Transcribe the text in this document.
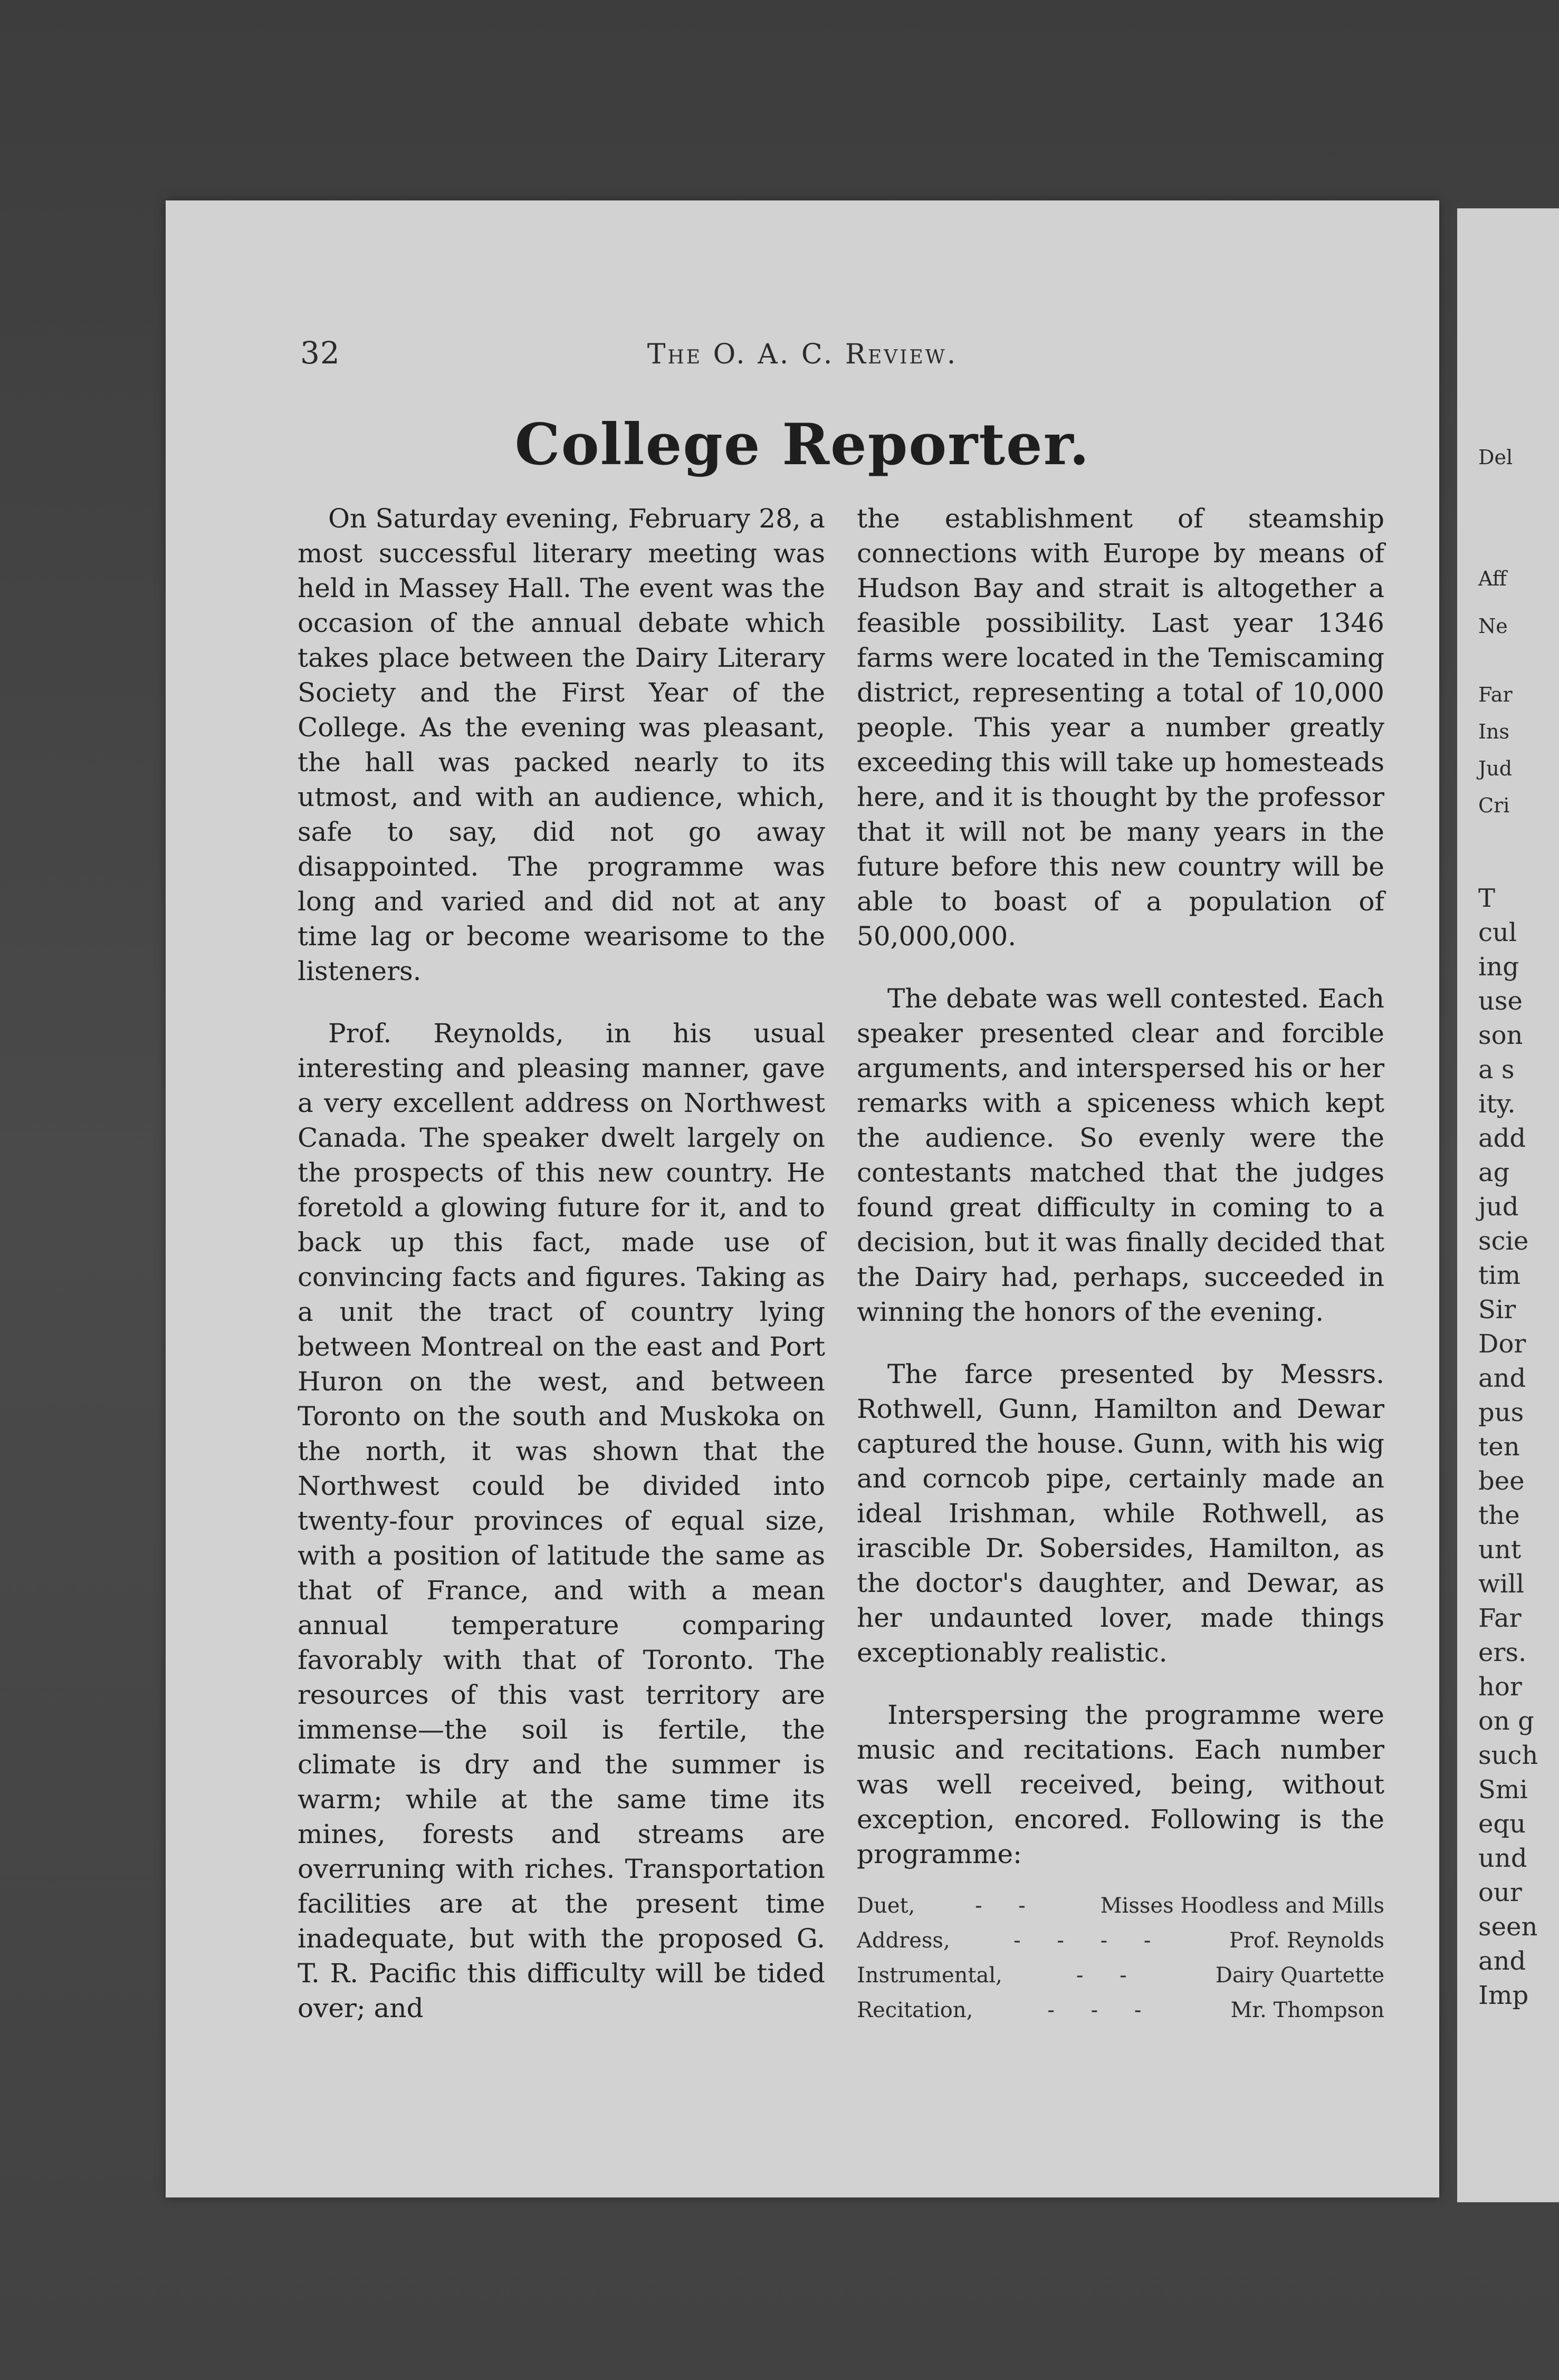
32	The O. A. C. Review.
College Reporter.

On Saturday evening, February 28, a most successful literary meeting was held in Massey Hall. The event was the occasion of the annual debate which takes place between the Dairy Literary Society and the First Year of the College. As the evening was pleasant, the hall was packed nearly to its utmost, and with an audience, which, safe to say, did not go away disappointed. The programme was long and varied and did not at any time lag or become wearisome to the listeners.

Prof. Reynolds, in his usual interesting and pleasing manner, gave a very excellent address on Northwest Canada. The speaker dwelt largely on the prospects of this new country. He foretold a glowing future for it, and to back up this fact, made use of convincing facts and figures. Taking as a unit the tract of country lying between Montreal on the east and Port Huron on the west, and between Toronto on the south and Muskoka on the north, it was shown that the Northwest could be divided into twenty-four provinces of equal size, with a position of latitude the same as that of France, and with a mean annual temperature comparing favorably with that of Toronto. The resources of this vast territory are immense—the soil is fertile, the climate is dry and the summer is warm; while at the same time its mines, forests and streams are overruning with riches. Transportation facilities are at the present time inadequate, but with the proposed G. T. R. Pacific this difficulty will be tided over; and

the establishment of steamship connections with Europe by means of Hudson Bay and strait is altogether a feasible possibility. Last year 1346 farms were located in the Temiscaming district, representing a total of 10,000 people. This year a number greatly exceeding this will take up homesteads here, and it is thought by the professor that it will not be many years in the future before this new country will be able to boast of a population of 50,000,000.

The debate was well contested. Each speaker presented clear and forcible arguments, and interspersed his or her remarks with a spiceness which kept the audience. So evenly were the contestants matched that the judges found great difficulty in coming to a decision, but it was finally decided that the Dairy had, perhaps, succeeded in winning the honors of the evening.

The farce presented by Messrs. Rothwell, Gunn, Hamilton and Dewar captured the house. Gunn, with his wig and corncob pipe, certainly made an ideal Irishman, while Rothwell, as irascible Dr. Sobersides, Hamilton, as the doctor's daughter, and Dewar, as her undaunted lover, made things exceptionably realistic.

Interspersing the programme were music and recitations. Each number was well received, being, without exception, encored. Following is the programme:

Duet,	- -	Misses Hoodless and Mills
Address,	- - - -	Prof. Reynolds
Instrumental,	- -	Dairy Quartette
Recitation,	- - -	Mr. Thompson
Del
Aff
Ne
Far
Ins
Jud
Cri
T
cul
ing
use
son
a s
ity.
add
ag
jud
scie
tim
Sir
Dor
and
pus
ten
bee
the
unt
will
Far
ers.
hor
on g
such
Smi
equ
und
our
seen
and
Imp
